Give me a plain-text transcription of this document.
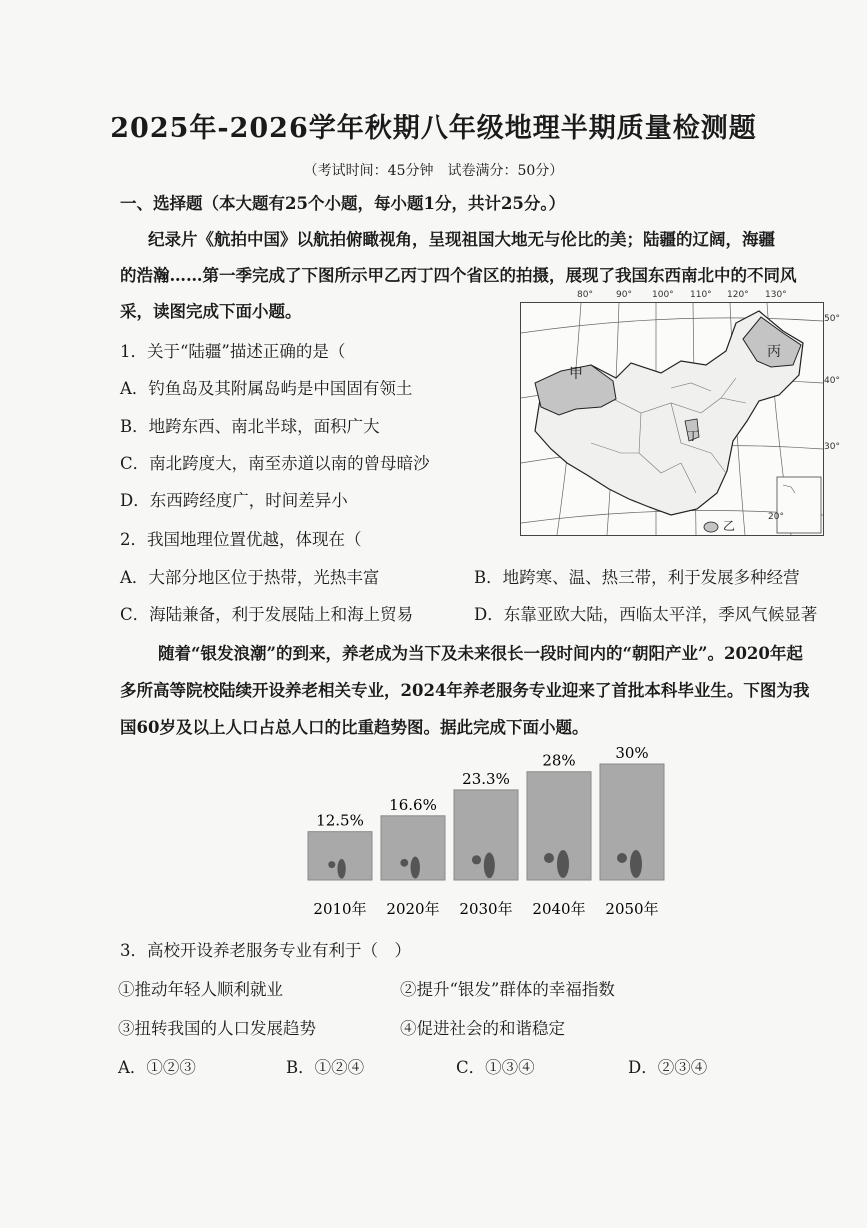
2025年-2026学年秋期八年级地理半期质量检测题
（考试时间：45分钟　试卷满分：50分）
一、选择题（本大题有25个小题，每小题1分，共计25分。）
纪录片《航拍中国》以航拍俯瞰视角，呈现祖国大地无与伦比的美；陆疆的辽阔，海疆
的浩瀚……第一季完成了下图所示甲乙丙丁四个省区的拍摄，展现了我国东西南北中的不同风
采，读图完成下面小题。
80°	90° 100° 110° 120° 130°
甲
丙
丁
乙
50°
40°
30°
20°
1．关于“陆疆”描述正确的是（
A．钓鱼岛及其附属岛屿是中国固有领土
B．地跨东西、南北半球，面积广大
C．南北跨度大，南至赤道以南的曾母暗沙
D．东西跨经度广，时间差异小
2．我国地理位置优越，体现在（
A．大部分地区位于热带，光热丰富	B．地跨寒、温、热三带，利于发展多种经营
C．海陆兼备，利于发展陆上和海上贸易	D．东靠亚欧大陆，西临太平洋，季风气候显著
随着“银发浪潮”的到来，养老成为当下及未来很长一段时间内的“朝阳产业”。2020年起
多所高等院校陆续开设养老相关专业，2024年养老服务专业迎来了首批本科毕业生。下图为我
国60岁及以上人口占总人口的比重趋势图。据此完成下面小题。
12.5%
2010年
16.6%
2020年
23.3%
2030年
28%
2040年
30%
2050年
3．高校开设养老服务专业有利于（　）
①推动年轻人顺利就业	②提升“银发”群体的幸福指数
③扭转我国的人口发展趋势	④促进社会的和谐稳定
A．①②③	B．①②④	C．①③④	D．②③④
